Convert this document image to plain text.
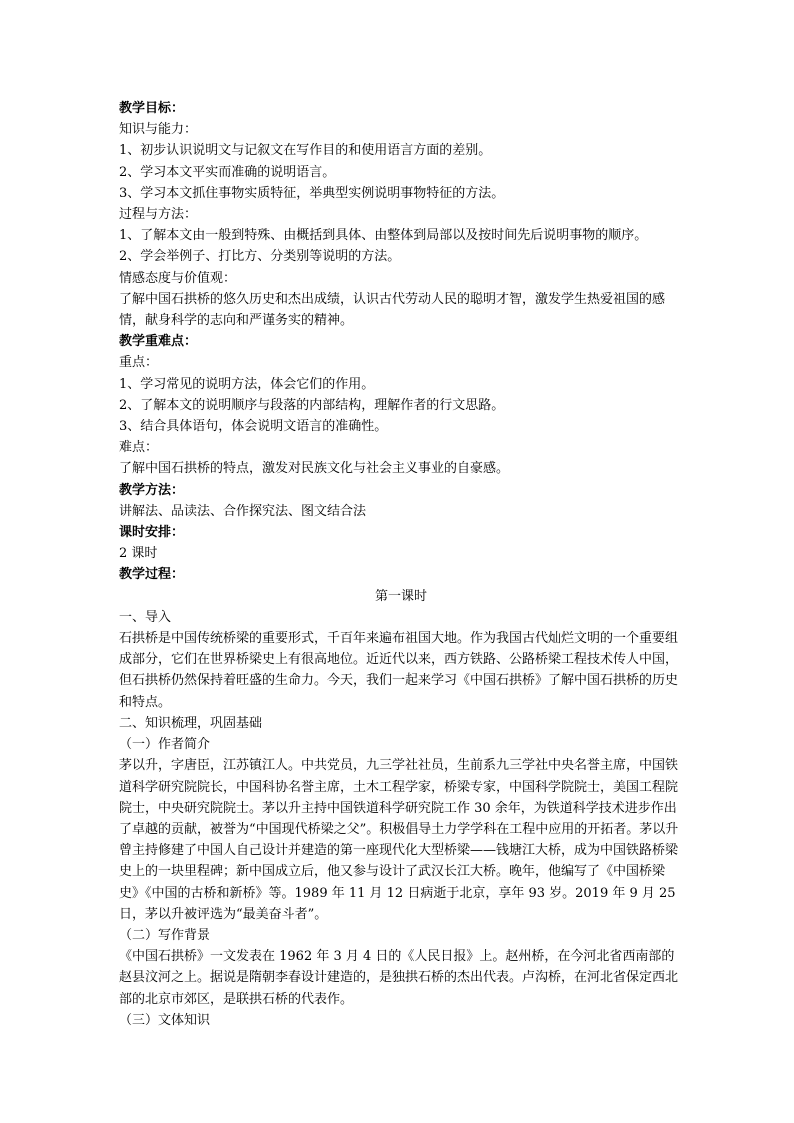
教学目标：

知识与能力：

1、初步认识说明文与记叙文在写作目的和使用语言方面的差别。

2、学习本文平实而准确的说明语言。

3、学习本文抓住事物实质特征，举典型实例说明事物特征的方法。

过程与方法：

1、了解本文由一般到特殊、由概括到具体、由整体到局部以及按时间先后说明事物的顺序。

2、学会举例子、打比方、分类别等说明的方法。

情感态度与价值观：

了解中国石拱桥的悠久历史和杰出成绩，认识古代劳动人民的聪明才智，激发学生热爱祖国的感情，献身科学的志向和严谨务实的精神。

教学重难点：

重点：

1、学习常见的说明方法，体会它们的作用。

2、了解本文的说明顺序与段落的内部结构，理解作者的行文思路。

3、结合具体语句，体会说明文语言的准确性。

难点：

了解中国石拱桥的特点，激发对民族文化与社会主义事业的自豪感。

教学方法：

讲解法、品读法、合作探究法、图文结合法

课时安排：

2 课时

教学过程：

第一课时

一、导入

石拱桥是中国传统桥梁的重要形式，千百年来遍布祖国大地。作为我国古代灿烂文明的一个重要组成部分，它们在世界桥梁史上有很高地位。近近代以来，西方铁路、公路桥梁工程技术传人中国，但石拱桥仍然保持着旺盛的生命力。今天，我们一起来学习《中国石拱桥》了解中国石拱桥的历史和特点。

二、知识梳理，巩固基础

（一）作者简介

茅以升，字唐臣，江苏镇江人。中共党员，九三学社社员，生前系九三学社中央名誉主席，中国铁道科学研究院院长，中国科协名誉主席，土木工程学家，桥梁专家，中国科学院院士，美国工程院院士，中央研究院院士。茅以升主持中国铁道科学研究院工作 30 余年，为铁道科学技术进步作出了卓越的贡献，被誉为“中国现代桥梁之父”。积极倡导土力学学科在工程中应用的开拓者。茅以升曾主持修建了中国人自己设计并建造的第一座现代化大型桥梁——钱塘江大桥，成为中国铁路桥梁史上的一块里程碑；新中国成立后，他又参与设计了武汉长江大桥。晚年，他编写了《中国桥梁史》《中国的古桥和新桥》等。1989 年 11 月 12 日病逝于北京，享年 93 岁。2019 年 9 月 25 日，茅以升被评选为“最美奋斗者”。

（二）写作背景

《中国石拱桥》一文发表在 1962 年 3 月 4 日的《人民日报》上。赵州桥，在今河北省西南部的赵县汶河之上。据说是隋朝李春设计建造的，是独拱石桥的杰出代表。卢沟桥，在河北省保定西北部的北京市郊区，是联拱石桥的代表作。

（三）文体知识
